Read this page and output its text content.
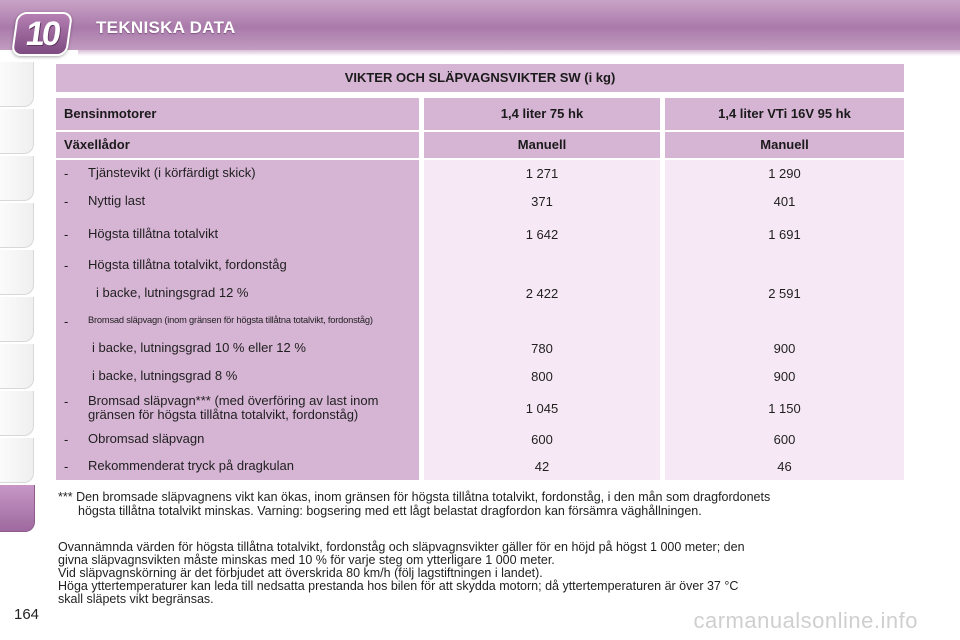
10	TEKNISKA DATA
VIKTER OCH SLÄPVAGNSVIKTER SW (i kg)
Bensinmotorer	1,4 liter 75 hk	1,4 liter VTi 16V 95 hk
Växellådor	Manuell	Manuell
-	Tjänstevikt (i körfärdigt skick)	1 271	1 290
-	Nyttig last	371	401
-	Högsta tillåtna totalvikt	1 642	1 691
-	Högsta tillåtna totalvikt, fordonståg
i backe, lutningsgrad 12 %	2 422	2 591
-	Bromsad släpvagn (inom gränsen för högsta tillåtna totalvikt, fordonståg)
i backe, lutningsgrad 10 % eller 12 %	780	900
i backe, lutningsgrad 8 %	800	900
-	Bromsad släpvagn*** (med överföring av last inom
gränsen för högsta tillåtna totalvikt, fordonståg)	1 045	1 150
-	Obromsad släpvagn	600	600
-	Rekommenderat tryck på dragkulan	42	46
*** Den bromsade släpvagnens vikt kan ökas, inom gränsen för högsta tillåtna totalvikt, fordonståg, i den mån som dragfordonets
högsta tillåtna totalvikt minskas. Varning: bogsering med ett lågt belastat dragfordon kan försämra väghållningen.
Ovannämnda värden för högsta tillåtna totalvikt, fordonståg och släpvagnsvikter gäller för en höjd på högst 1 000 meter; den
givna släpvagnsvikten måste minskas med 10 % för varje steg om ytterligare 1 000 meter.
Vid släpvagnskörning är det förbjudet att överskrida 80 km/h (följ lagstiftningen i landet).
Höga yttertemperaturer kan leda till nedsatta prestanda hos bilen för att skydda motorn; då yttertemperaturen är över 37 °C
skall släpets vikt begränsas.
164	carmanualsonline.info
